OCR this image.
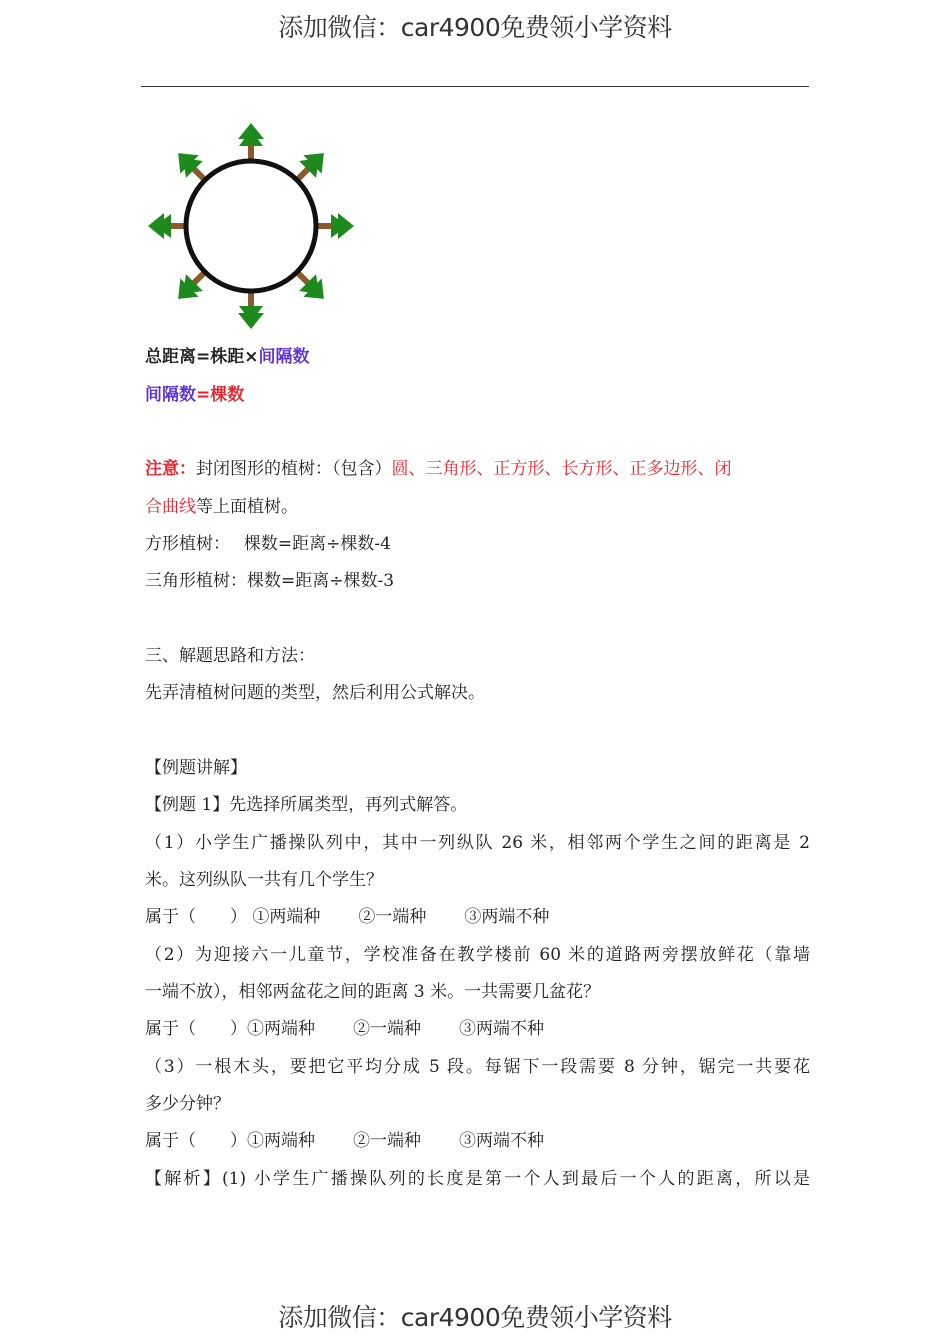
添加微信：car4900免费领小学资料
总距离=株距×间隔数
间隔数=棵数
注意：封闭图形的植树：（包含）圆、三角形、正方形、长方形、正多边形、闭
合曲线等上面植树。
方形植树：　 棵数=距离÷棵数-4
三角形植树：棵数=距离÷棵数-3
三、解题思路和方法：
先弄清植树问题的类型，然后利用公式解决。
【例题讲解】
【例题 1】先选择所属类型，再列式解答。
（1）小学生广播操队列中，其中一列纵队 26 米，相邻两个学生之间的距离是 2
米。这列纵队一共有几个学生？
属于（　　） ①两端种 ②一端种 ③两端不种
（2）为迎接六一儿童节，学校准备在教学楼前 60 米的道路两旁摆放鲜花（靠墙
一端不放），相邻两盆花之间的距离 3 米。一共需要几盆花？
属于（　　）①两端种 ②一端种 ③两端不种
（3）一根木头，要把它平均分成 5 段。每锯下一段需要 8 分钟，锯完一共要花
多少分钟？
属于（　　）①两端种 ②一端种 ③两端不种
【解析】(1) 小学生广播操队列的长度是第一个人到最后一个人的距离，所以是
添加微信：car4900免费领小学资料
